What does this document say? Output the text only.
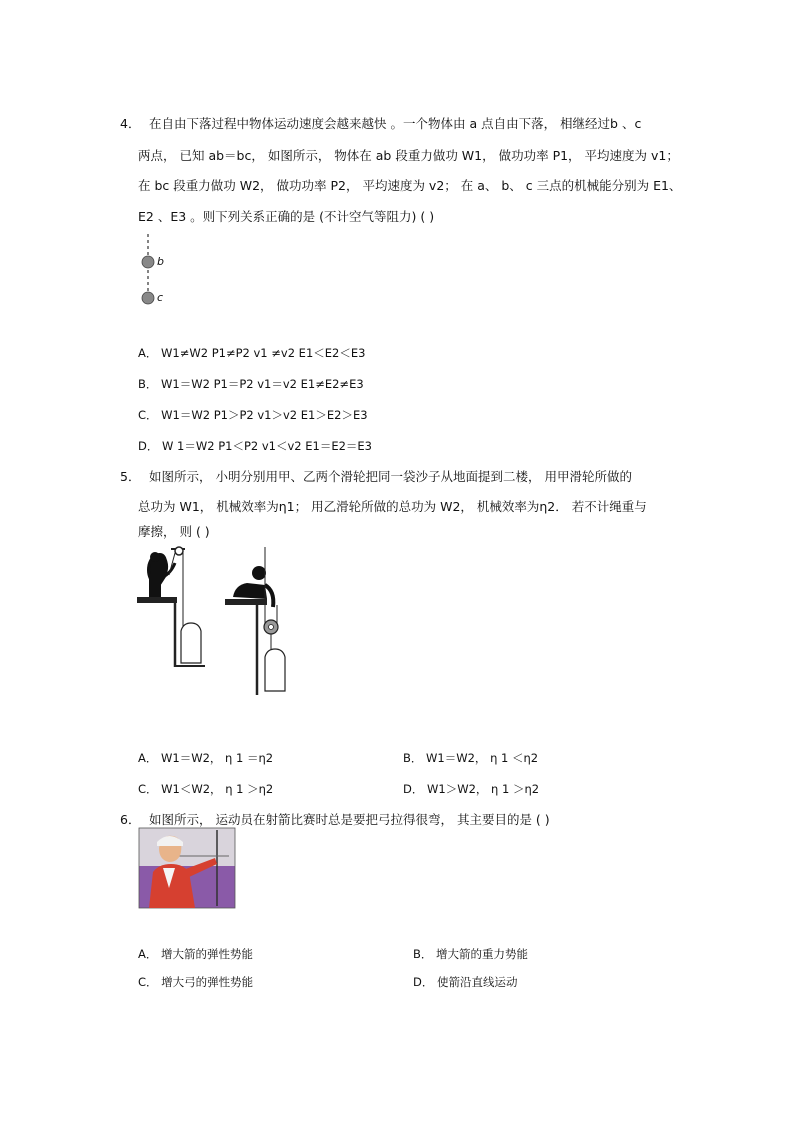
4． 在自由下落过程中物体运动速度会越来越快 。一个物体由 a 点自由下落， 相继经过b 、c
两点， 已知 ab＝bc， 如图所示， 物体在 ab 段重力做功 W1， 做功功率 P1， 平均速度为 v1；
在 bc 段重力做功 W2， 做功功率 P2， 平均速度为 v2； 在 a、 b、 c 三点的机械能分别为 E1、
E2 、E3 。则下列关系正确的是 (不计空气等阻力) ( )
b
c
A． W1≠W2 P1≠P2 v1 ≠v2 E1＜E2＜E3
B． W1＝W2 P1＝P2 v1＝v2 E1≠E2≠E3
C． W1＝W2 P1＞P2 v1＞v2 E1＞E2＞E3
D． W 1＝W2 P1＜P2 v1＜v2 E1＝E2＝E3
5． 如图所示， 小明分别用甲、乙两个滑轮把同一袋沙子从地面提到二楼， 用甲滑轮所做的
总功为 W1， 机械效率为η1； 用乙滑轮所做的总功为 W2， 机械效率为η2． 若不计绳重与
摩擦， 则 ( )
A． W1＝W2， η 1 ＝η2	B． W1＝W2， η 1 ＜η2
C． W1＜W2， η 1 ＞η2	D． W1＞W2， η 1 ＞η2
6． 如图所示， 运动员在射箭比赛时总是要把弓拉得很弯， 其主要目的是 ( )
A． 增大箭的弹性势能	B． 增大箭的重力势能
C． 增大弓的弹性势能	D． 使箭沿直线运动
